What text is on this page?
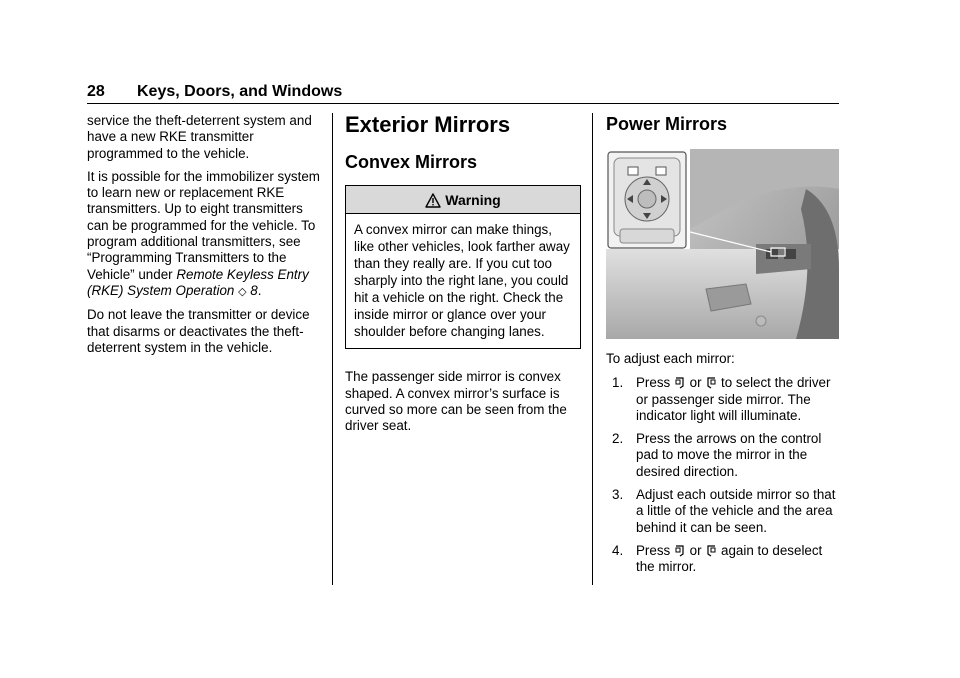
28 Keys, Doors, and Windows

service the theft-deterrent system and have a new RKE transmitter programmed to the vehicle.

It is possible for the immobilizer system to learn new or replacement RKE transmitters. Up to eight transmitters can be programmed for the vehicle. To program additional transmitters, see “Programming Transmitters to the Vehicle” under Remote Keyless Entry (RKE) System Operation ◇ 8.

Do not leave the transmitter or device that disarms or deactivates the theft-deterrent system in the vehicle.

Exterior Mirrors
Convex Mirrors
Warning
A convex mirror can make things, like other vehicles, look farther away than they really are. If you cut too sharply into the right lane, you could hit a vehicle on the right. Check the inside mirror or glance over your shoulder before changing lanes.

The passenger side mirror is convex shaped. A convex mirror’s surface is curved so more can be seen from the driver seat.

Power Mirrors

To adjust each mirror:

1. Press  or  to select the driver or passenger side mirror. The indicator light will illuminate.
2. Press the arrows on the control pad to move the mirror in the desired direction.
3. Adjust each outside mirror so that a little of the vehicle and the area behind it can be seen.
4. Press  or  again to deselect the mirror.
